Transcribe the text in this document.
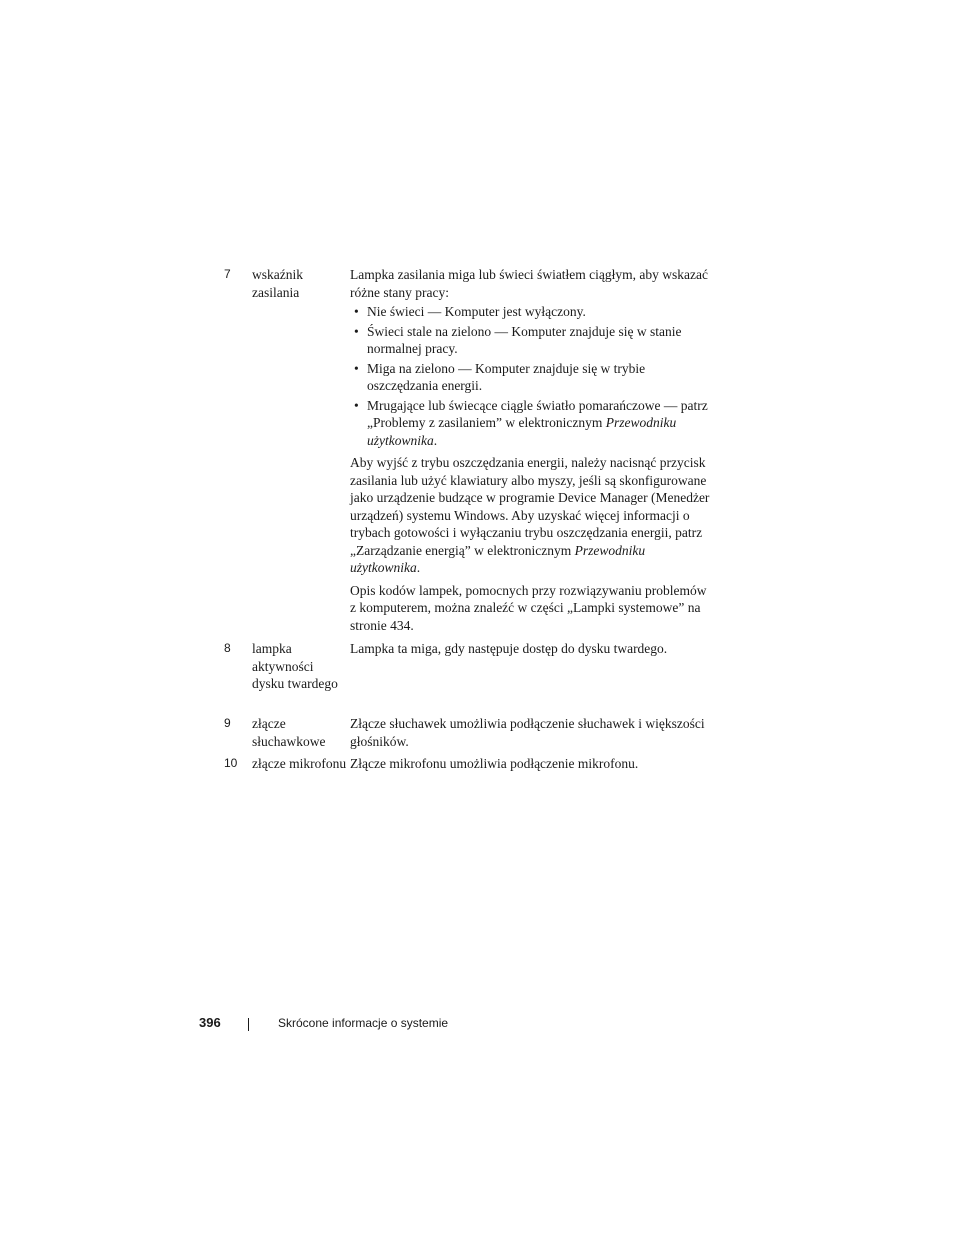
7 wskaźnik zasilania

Lampka zasilania miga lub świeci światłem ciągłym, aby wskazać różne stany pracy:

• Nie świeci — Komputer jest wyłączony.
• Świeci stale na zielono — Komputer znajduje się w stanie normalnej pracy.
• Miga na zielono — Komputer znajduje się w trybie oszczędzania energii.
• Mrugające lub świecące ciągle światło pomarańczowe — patrz „Problemy z zasilaniem” w elektronicznym Przewodniku użytkownika.

Aby wyjść z trybu oszczędzania energii, należy nacisnąć przycisk zasilania lub użyć klawiatury albo myszy, jeśli są skonfigurowane jako urządzenie budzące w programie Device Manager (Menedżer urządzeń) systemu Windows. Aby uzyskać więcej informacji o trybach gotowości i wyłączaniu trybu oszczędzania energii, patrz „Zarządzanie energią” w elektronicznym Przewodniku użytkownika.

Opis kodów lampek, pomocnych przy rozwiązywaniu problemów z komputerem, można znaleźć w części „Lampki systemowe” na stronie 434.

8 lampka aktywności dysku twardego
Lampka ta miga, gdy następuje dostęp do dysku twardego.
9 złącze słuchawkowe
Złącze słuchawek umożliwia podłączenie słuchawek i większości głośników.
10 złącze mikrofonu Złącze mikrofonu umożliwia podłączenie mikrofonu.
396	Skrócone informacje o systemie
